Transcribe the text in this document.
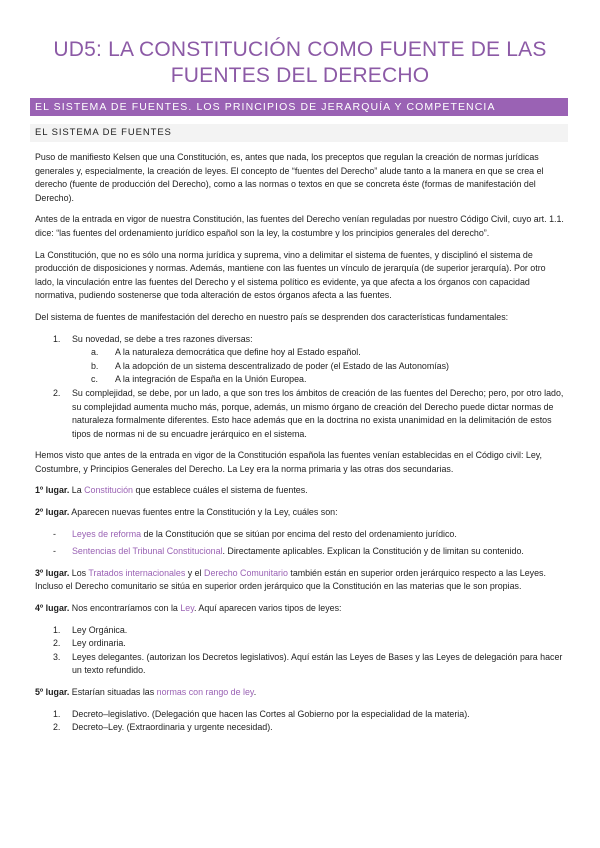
UD5: LA CONSTITUCIÓN COMO FUENTE DE LAS FUENTES DEL DERECHO
EL SISTEMA DE FUENTES. LOS PRINCIPIOS DE JERARQUÍA Y COMPETENCIA
EL SISTEMA DE FUENTES

Puso de manifiesto Kelsen que una Constitución, es, antes que nada, los preceptos que regulan la creación de normas jurídicas generales y, especialmente, la creación de leyes. El concepto de “fuentes del Derecho” alude tanto a la manera en que se crea el derecho (fuente de producción del Derecho), como a las normas o textos en que se concreta éste (formas de manifestación del Derecho).

Antes de la entrada en vigor de nuestra Constitución, las fuentes del Derecho venían reguladas por nuestro Código Civil, cuyo art. 1.1. dice: “las fuentes del ordenamiento jurídico español son la ley, la costumbre y los principios generales del derecho”.

La Constitución, que no es sólo una norma jurídica y suprema, vino a delimitar el sistema de fuentes, y disciplinó el sistema de producción de disposiciones y normas. Además, mantiene con las fuentes un vínculo de jerarquía (de superior jerarquía). Por otro lado, la vinculación entre las fuentes del Derecho y el sistema político es evidente, ya que afecta a los órganos con capacidad normativa, pudiendo sostenerse que toda alteración de estos órganos afecta a las fuentes.

Del sistema de fuentes de manifestación del derecho en nuestro país se desprenden dos características fundamentales:

1. Su novedad, se debe a tres razones diversas:
a. A la naturaleza democrática que define hoy al Estado español.
b. A la adopción de un sistema descentralizado de poder (el Estado de las Autonomías)
c. A la integración de España en la Unión Europea.
2. Su complejidad, se debe, por un lado, a que son tres los ámbitos de creación de las fuentes del Derecho; pero, por otro lado, su complejidad aumenta mucho más, porque, además, un mismo órgano de creación del Derecho puede dictar normas de naturaleza formalmente diferentes. Esto hace además que en la doctrina no exista unanimidad en la delimitación de estos tipos de normas ni de su encuadre jerárquico en el sistema.

Hemos visto que antes de la entrada en vigor de la Constitución española las fuentes venían establecidas en el Código civil: Ley, Costumbre, y Principios Generales del Derecho. La Ley era la norma primaria y las otras dos secundarias.

1º lugar. La Constitución que establece cuáles el sistema de fuentes.

2º lugar. Aparecen nuevas fuentes entre la Constitución y la Ley, cuáles son:

- Leyes de reforma de la Constitución que se sitúan por encima del resto del ordenamiento jurídico.
- Sentencias del Tribunal Constitucional. Directamente aplicables. Explican la Constitución y de limitan su contenido.

3º lugar. Los Tratados internacionales y el Derecho Comunitario también están en superior orden jerárquico respecto a las Leyes. Incluso el Derecho comunitario se sitúa en superior orden jerárquico que la Constitución en las materias que le son propias.

4º lugar. Nos encontraríamos con la Ley. Aquí aparecen varios tipos de leyes:

1. Ley Orgánica.
2. Ley ordinaria.
3. Leyes delegantes. (autorizan los Decretos legislativos). Aquí están las Leyes de Bases y las Leyes de delegación para hacer un texto refundido.

5º lugar. Estarían situadas las normas con rango de ley.

1. Decreto–legislativo. (Delegación que hacen las Cortes al Gobierno por la especialidad de la materia).
2. Decreto–Ley. (Extraordinaria y urgente necesidad).
